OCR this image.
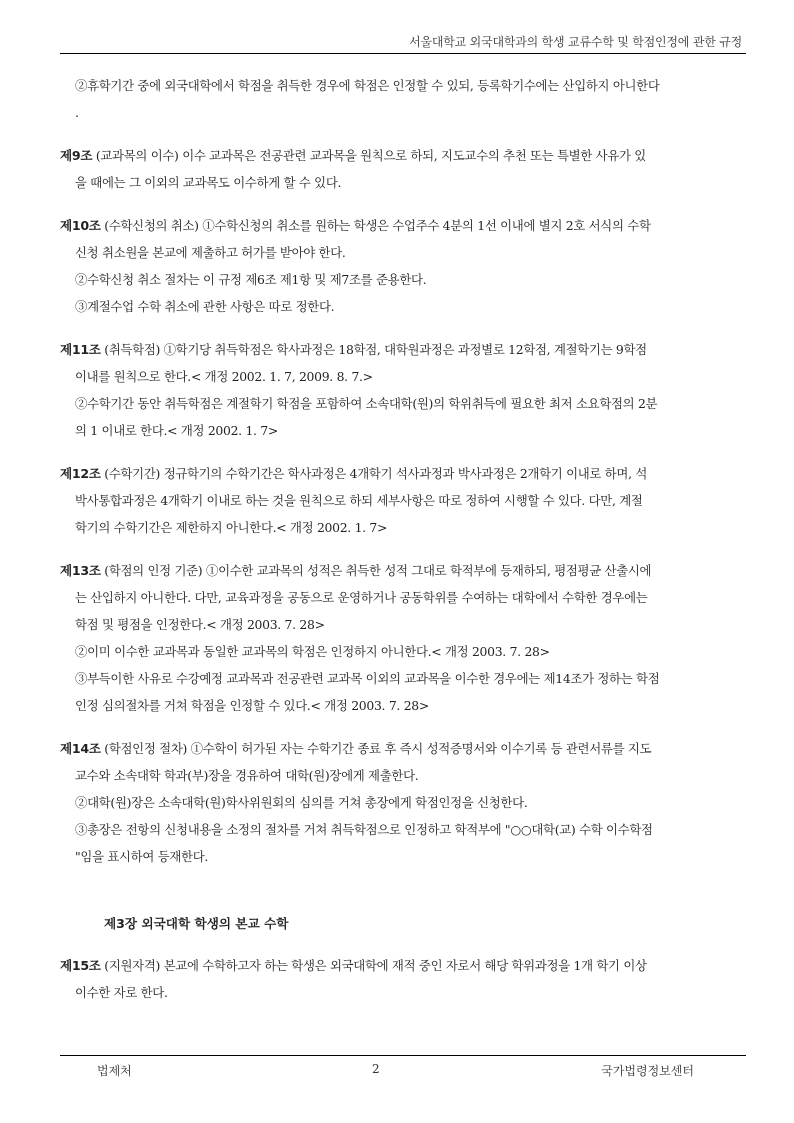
서울대학교 외국대학과의 학생 교류수학 및 학점인정에 관한 규정

②휴학기간 중에 외국대학에서 학점을 취득한 경우에 학점은 인정할 수 있되, 등록학기수에는 산입하지 아니한다

.

제9조 (교과목의 이수) 이수 교과목은 전공관련 교과목을 원칙으로 하되, 지도교수의 추천 또는 특별한 사유가 있

을 때에는 그 이외의 교과목도 이수하게 할 수 있다.

제10조 (수학신청의 취소) ①수학신청의 취소를 원하는 학생은 수업주수 4분의 1선 이내에 별지 2호 서식의 수학

신청 취소원을 본교에 제출하고 허가를 받아야 한다.

②수학신청 취소 절차는 이 규정 제6조 제1항 및 제7조를 준용한다.

③계절수업 수학 취소에 관한 사항은 따로 정한다.

제11조 (취득학점) ①학기당 취득학점은 학사과정은 18학점, 대학원과정은 과정별로 12학점, 계절학기는 9학점

이내를 원칙으로 한다.< 개정 2002. 1. 7, 2009. 8. 7.>

②수학기간 동안 취득학점은 계절학기 학점을 포함하여 소속대학(원)의 학위취득에 필요한 최저 소요학점의 2분

의 1 이내로 한다.< 개정 2002. 1. 7>

제12조 (수학기간) 정규학기의 수학기간은 학사과정은 4개학기 석사과정과 박사과정은 2개학기 이내로 하며, 석

박사통합과정은 4개학기 이내로 하는 것을 원칙으로 하되 세부사항은 따로 정하여 시행할 수 있다. 다만, 계절

학기의 수학기간은 제한하지 아니한다.< 개정 2002. 1. 7>

제13조 (학점의 인정 기준) ①이수한 교과목의 성적은 취득한 성적 그대로 학적부에 등재하되, 평점평균 산출시에

는 산입하지 아니한다. 다만, 교육과정을 공동으로 운영하거나 공동학위를 수여하는 대학에서 수학한 경우에는

학점 및 평점을 인정한다.< 개정 2003. 7. 28>

②이미 이수한 교과목과 동일한 교과목의 학점은 인정하지 아니한다.< 개정 2003. 7. 28>

③부득이한 사유로 수강예정 교과목과 전공관련 교과목 이외의 교과목을 이수한 경우에는 제14조가 정하는 학점

인정 심의절차를 거쳐 학점을 인정할 수 있다.< 개정 2003. 7. 28>

제14조 (학점인정 절차) ①수학이 허가된 자는 수학기간 종료 후 즉시 성적증명서와 이수기록 등 관련서류를 지도

교수와 소속대학 학과(부)장을 경유하여 대학(원)장에게 제출한다.

②대학(원)장은 소속대학(원)학사위원회의 심의를 거쳐 총장에게 학점인정을 신청한다.

③총장은 전항의 신청내용을 소정의 절차를 거쳐 취득학점으로 인정하고 학적부에 "○○대학(교) 수학 이수학점

"임을 표시하여 등재한다.

제3장 외국대학 학생의 본교 수학

제15조 (지원자격) 본교에 수학하고자 하는 학생은 외국대학에 재적 중인 자로서 해당 학위과정을 1개 학기 이상

이수한 자로 한다.

법제처	2	국가법령정보센터
